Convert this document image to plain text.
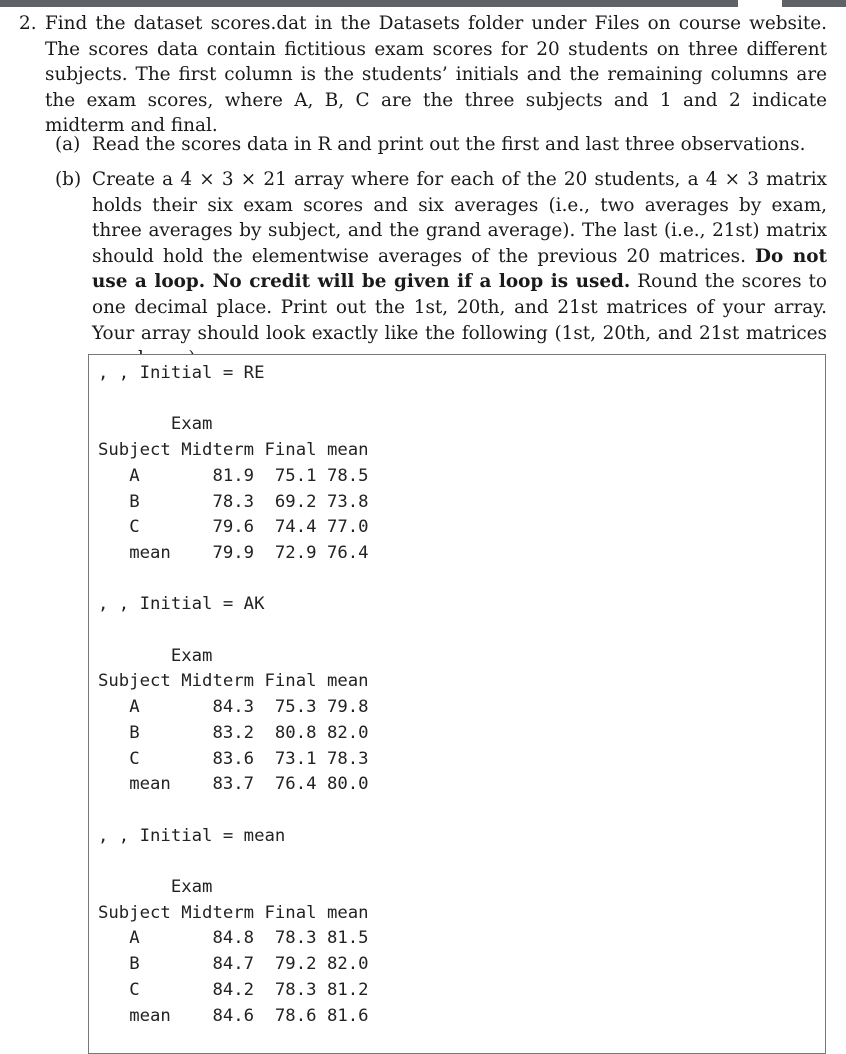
2. Find the dataset scores.dat in the Datasets folder under Files on course website. The scores data contain fictitious exam scores for 20 students on three different subjects. The first column is the students’ initials and the remaining columns are the exam scores, where A, B, C are the three subjects and 1 and 2 indicate midterm and final.

(a) Read the scores data in R and print out the first and last three observations.

(b) Create a 4 × 3 × 21 array where for each of the 20 students, a 4 × 3 matrix holds their six exam scores and six averages (i.e., two averages by exam, three averages by subject, and the grand average). The last (i.e., 21st) matrix should hold the elementwise averages of the previous 20 matrices. Do not use a loop. No credit will be given if a loop is used. Round the scores to one decimal place. Print out the 1st, 20th, and 21st matrices of your array. Your array should look exactly like the following (1st, 20th, and 21st matrices

, , Initial = RE

Exam
Subject Midterm Final mean
A	81.9 75.1 78.5
B	78.3 69.2 73.8
C	79.6 74.4 77.0
mean 79.9 72.9 76.4

, , Initial = AK

Exam
Subject Midterm Final mean
A	84.3 75.3 79.8
B	83.2 80.8 82.0
C	83.6 73.1 78.3
mean 83.7 76.4 80.0

, , Initial = mean

Exam
Subject Midterm Final mean
A	84.8 78.3 81.5
B	84.7 79.2 82.0
C	84.2 78.3 81.2
mean 84.6 78.6 81.6
